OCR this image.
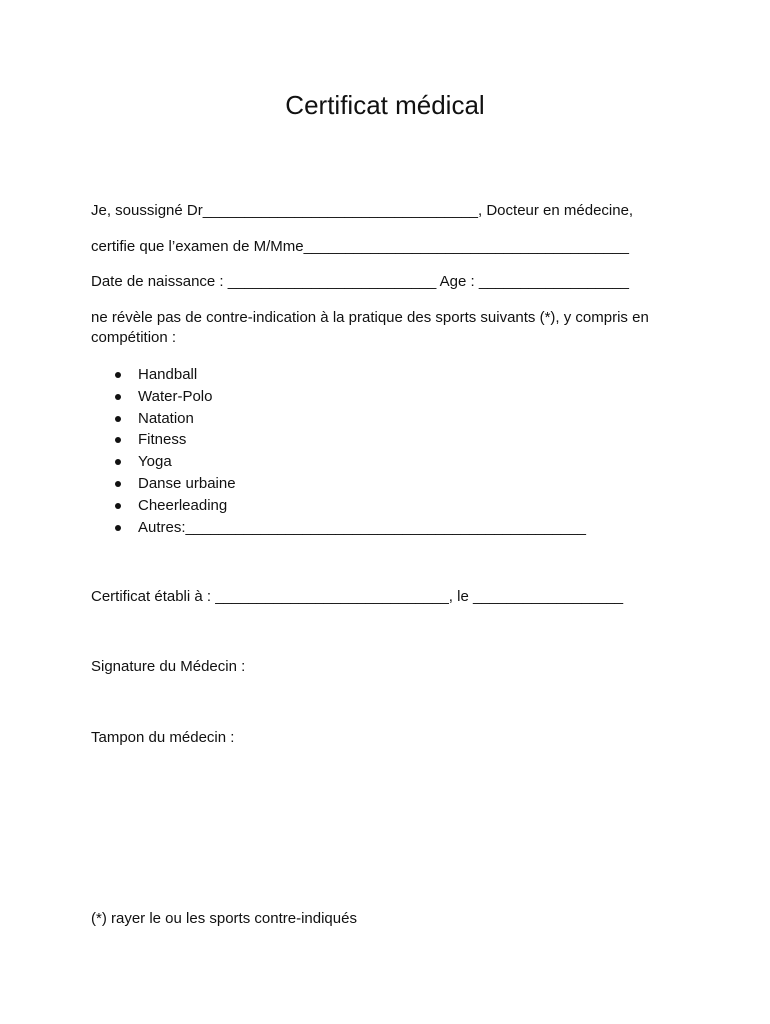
Certificat médical
Je, soussigné Dr_________________________________, Docteur en médecine,
certifie que l’examen de M/Mme_______________________________________
Date de naissance : _________________________ Age : __________________
ne révèle pas de contre-indication à la pratique des sports suivants (*), y compris en compétition :
Handball
Water-Polo
Natation
Fitness
Yoga
Danse urbaine
Cheerleading
Autres:________________________________________________
Certificat établi à : ____________________________, le __________________
Signature du Médecin :
Tampon du médecin :
(*) rayer le ou les sports contre-indiqués
